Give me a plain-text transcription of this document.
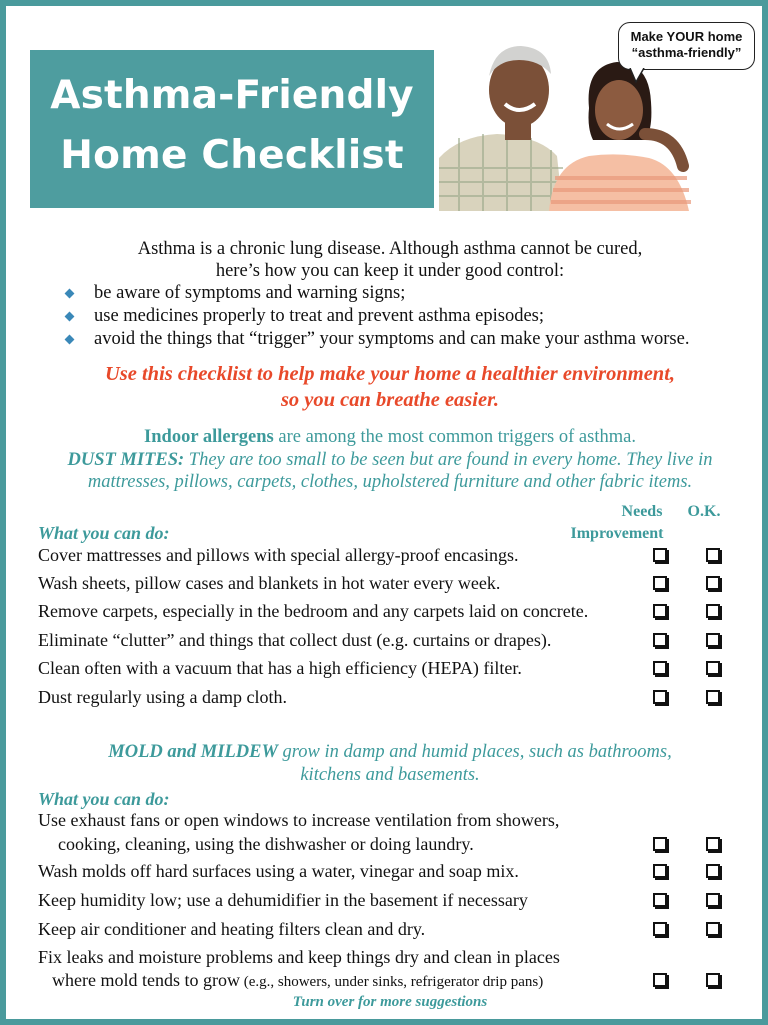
Asthma-Friendly
Home Checklist
Make YOUR home
“asthma-friendly”
Asthma is a chronic lung disease. Although asthma cannot be cured,
here’s how you can keep it under good control:
be aware of symptoms and warning signs;
use medicines properly to treat and prevent asthma episodes;
avoid the things that “trigger” your symptoms and can make your asthma worse.
Use this checklist to help make your home a healthier environment,
so you can breathe easier.
Indoor allergens are among the most common triggers of asthma.
DUST MITES: They are too small to be seen but are found in every home. They live in
mattresses, pillows, carpets, clothes, upholstered furniture and other fabric items.
Needs
Improvement
O.K.
What you can do:
Cover mattresses and pillows with special allergy-proof encasings.
Wash sheets, pillow cases and blankets in hot water every week.
Remove carpets, especially in the bedroom and any carpets laid on concrete.
Eliminate “clutter” and things that collect dust (e.g. curtains or drapes).
Clean often with a vacuum that has a high efficiency (HEPA) filter.
Dust regularly using a damp cloth.
MOLD and MILDEW grow in damp and humid places, such as bathrooms,
kitchens and basements.
What you can do:
Use exhaust fans or open windows to increase ventilation from showers,
cooking, cleaning, using the dishwasher or doing laundry.
Wash molds off hard surfaces using a water, vinegar and soap mix.
Keep humidity low; use a dehumidifier in the basement if necessary
Keep air conditioner and heating filters clean and dry.
Fix leaks and moisture problems and keep things dry and clean in places
where mold tends to grow (e.g., showers, under sinks, refrigerator drip pans)
Turn over for more suggestions
